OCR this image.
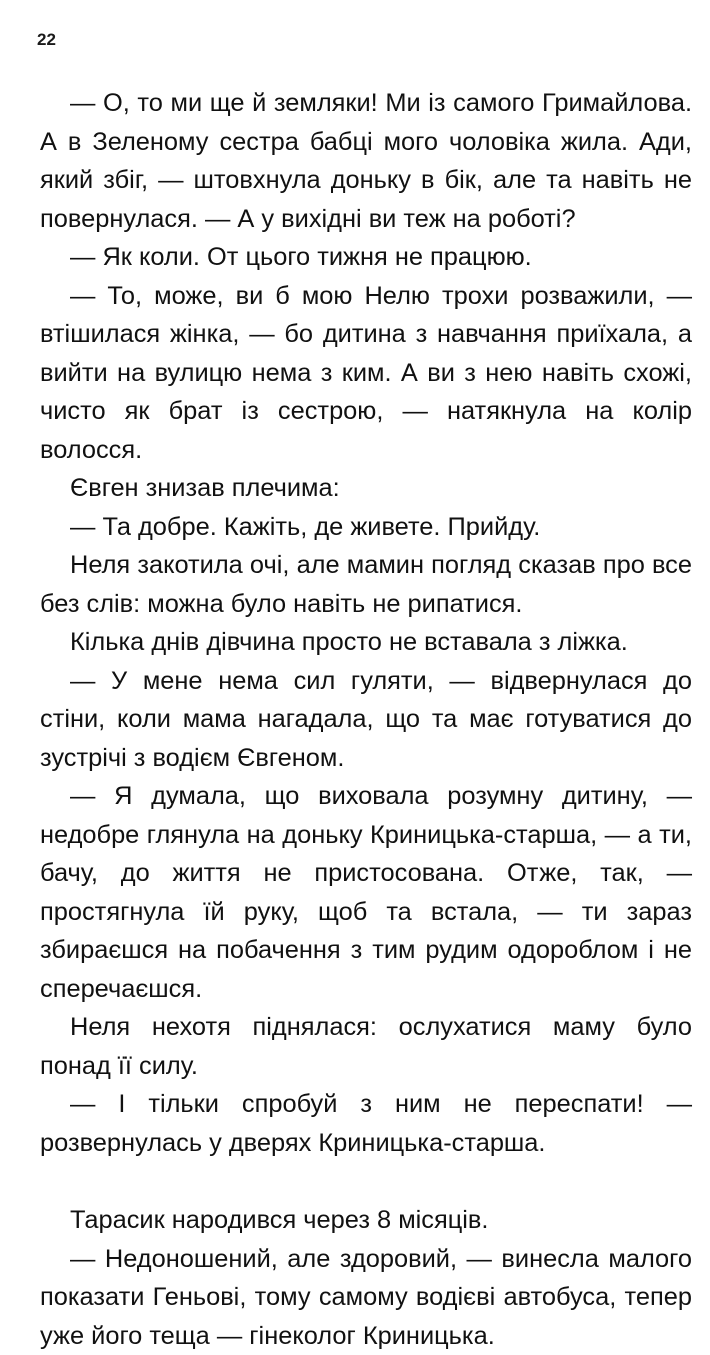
22

— О, то ми ще й земляки! Ми із самого Гримайлова. А в Зеленому сестра бабці мого чоловіка жила. Ади, який збіг, — штовхнула доньку в бік, але та навіть не повернулася. — А у вихідні ви теж на роботі?

— Як коли. От цього тижня не працюю.

— То, може, ви б мою Нелю трохи розважили, — втішилася жінка, — бо дитина з навчання приїхала, а вийти на вулицю нема з ким. А ви з нею навіть схожі, чисто як брат із сестрою, — натякнула на колір волосся.

Євген знизав плечима:

— Та добре. Кажіть, де живете. Прийду.

Неля закотила очі, але мамин погляд сказав про все без слів: можна було навіть не рипатися.

Кілька днів дівчина просто не вставала з ліжка.

— У мене нема сил гуляти, — відвернулася до стіни, коли мама нагадала, що та має готуватися до зустрічі з водієм Євгеном.

— Я думала, що виховала розумну дитину, — недобре глянула на доньку Криницька-старша, — а ти, бачу, до життя не пристосована. Отже, так, — простягнула їй руку, щоб та встала, — ти зараз збираєшся на побачення з тим рудим одороблом і не сперечаєшся.

Неля нехотя піднялася: ослухатися маму було понад її силу.

— І тільки спробуй з ним не переспати! — розвернулась у дверях Криницька-старша.

Тарасик народився через 8 місяців.

— Недоношений, але здоровий, — винесла малого показати Геньові, тому самому водієві автобуса, тепер уже його теща — гінеколог Криницька.
